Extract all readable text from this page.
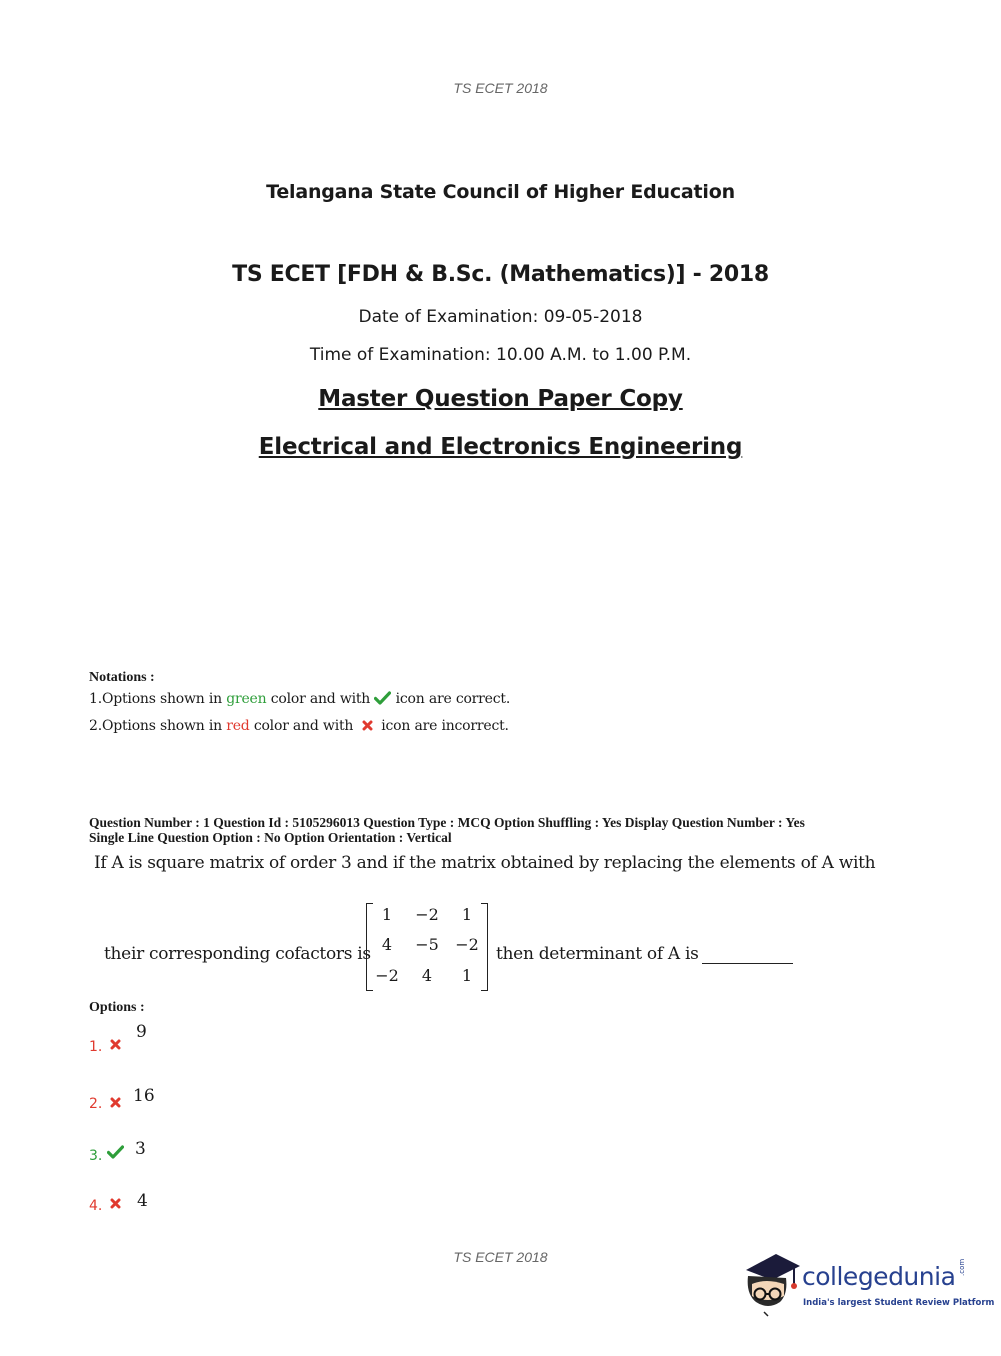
TS ECET 2018
Telangana State Council of Higher Education
TS ECET [FDH & B.Sc. (Mathematics)] - 2018
Date of Examination: 09-05-2018
Time of Examination: 10.00 A.M. to 1.00 P.M.
Master Question Paper Copy
Electrical and Electronics Engineering
Notations :
1.Options shown in green color and with  icon are correct.
2.Options shown in red color and with    icon are incorrect.
Question Number : 1 Question Id : 5105296013 Question Type : MCQ Option Shuffling : Yes Display Question Number : Yes
Single Line Question Option : No Option Orientation : Vertical
If A is square matrix of order 3 and if the matrix obtained by replacing the elements of A with
their corresponding cofactors is
1	−2	1
4	−5 −2
−2	4	1
then determinant of A is
Options :
1.
9
2. 16
3. 3
4. 4
TS ECET 2018
collegedunia .com
India's largest Student Review Platform
